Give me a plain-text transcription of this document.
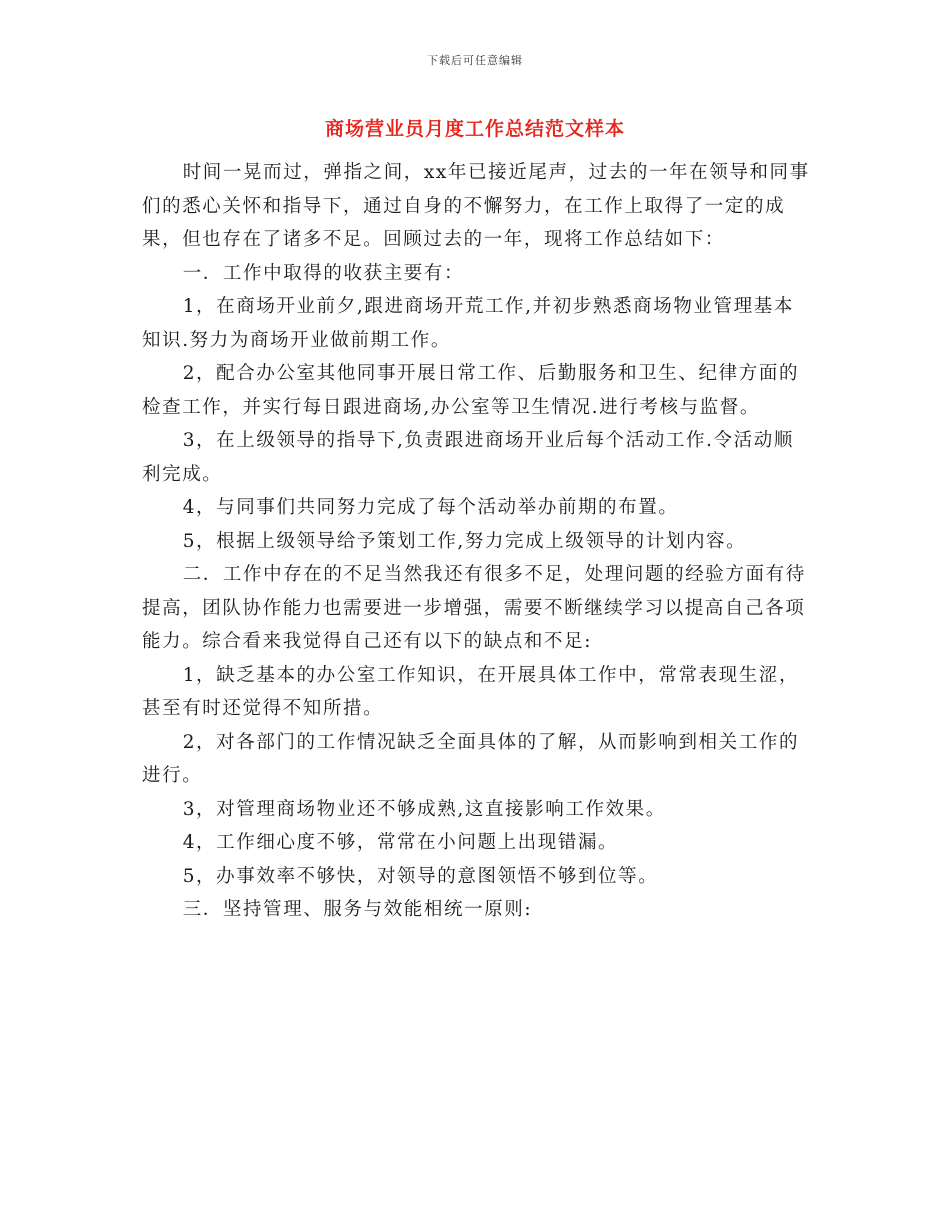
下载后可任意编辑
商场营业员月度工作总结范文样本

时间一晃而过，弹指之间，xx年已接近尾声，过去的一年在领导和同事们的悉心关怀和指导下，通过自身的不懈努力，在工作上取得了一定的成果，但也存在了诸多不足。回顾过去的一年，现将工作总结如下：

一．工作中取得的收获主要有：

1，在商场开业前夕,跟进商场开荒工作,并初步熟悉商场物业管理基本知识.努力为商场开业做前期工作。

2，配合办公室其他同事开展日常工作、后勤服务和卫生、纪律方面的检查工作，并实行每日跟进商场,办公室等卫生情况.进行考核与监督。

3，在上级领导的指导下,负责跟进商场开业后每个活动工作.令活动顺利完成。

4，与同事们共同努力完成了每个活动举办前期的布置。

5，根据上级领导给予策划工作,努力完成上级领导的计划内容。

二．工作中存在的不足当然我还有很多不足，处理问题的经验方面有待提高，团队协作能力也需要进一步增强，需要不断继续学习以提高自己各项能力。综合看来我觉得自己还有以下的缺点和不足:

1，缺乏基本的办公室工作知识，在开展具体工作中，常常表现生涩，甚至有时还觉得不知所措。

2，对各部门的工作情况缺乏全面具体的了解，从而影响到相关工作的进行。

3，对管理商场物业还不够成熟,这直接影响工作效果。

4，工作细心度不够，常常在小问题上出现错漏。

5，办事效率不够快，对领导的意图领悟不够到位等。

三．坚持管理、服务与效能相统一原则:
